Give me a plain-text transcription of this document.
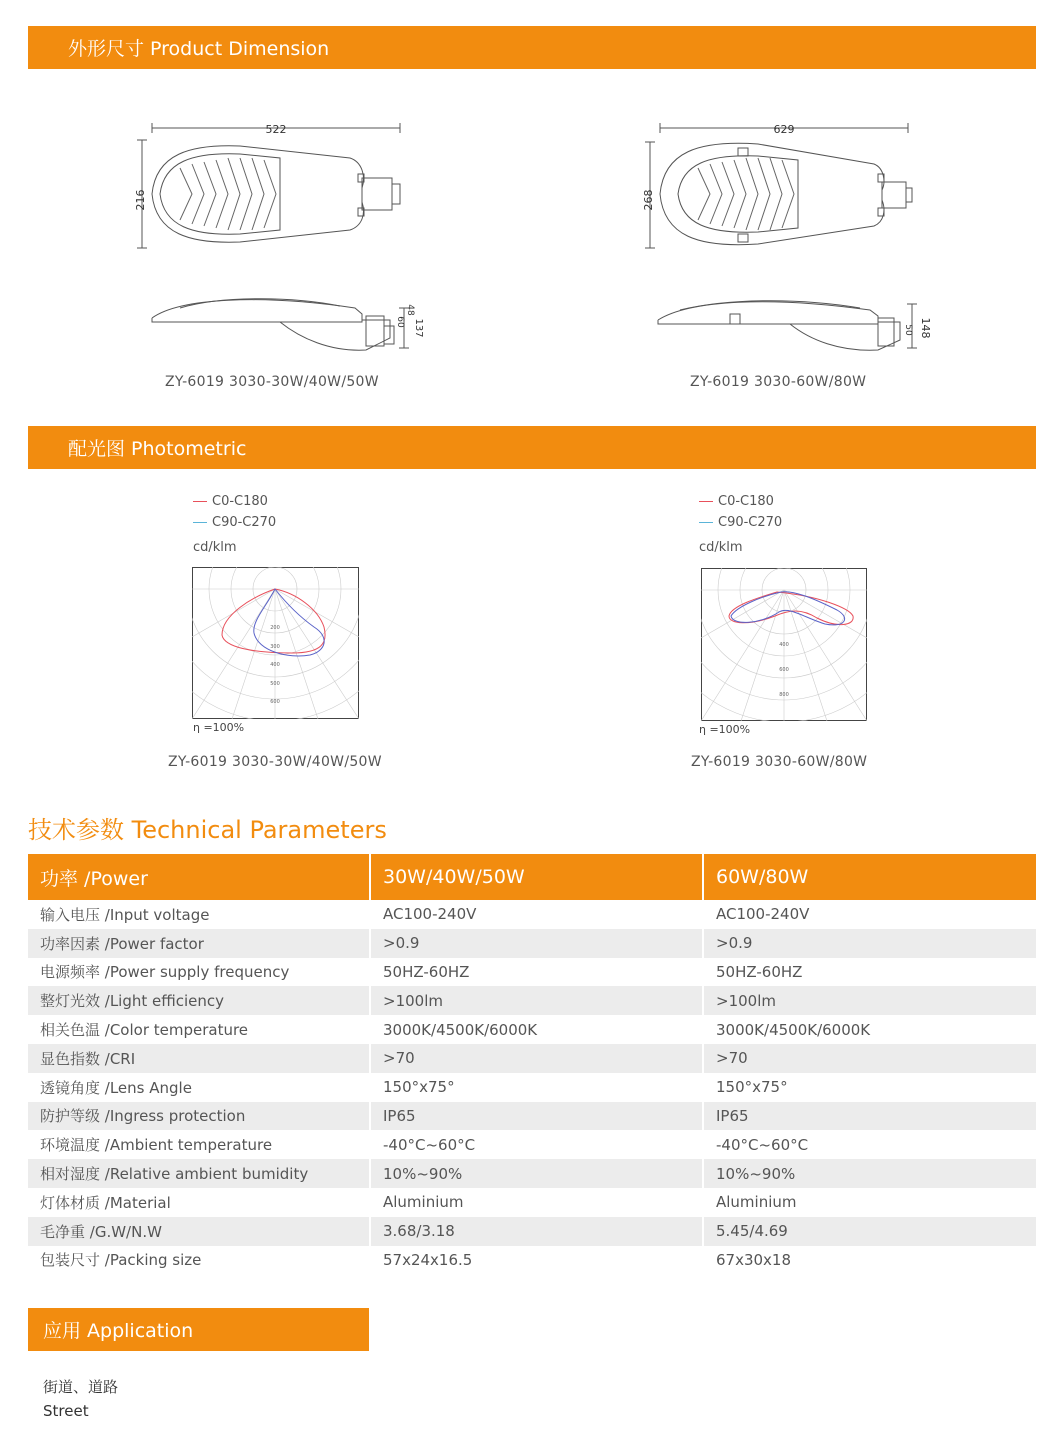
外形尺寸 Product Dimension
522
216
137
60
48
ZY-6019 3030-30W/40W/50W
629
268
148
50
ZY-6019 3030-60W/80W
配光图 Photometric
C0-C180
C90-C270
cd/klm
200
300
400
500
600
η =100%
ZY-6019 3030-30W/40W/50W
C0-C180
C90-C270
cd/klm
400
600
800
η =100%
ZY-6019 3030-60W/80W
技术参数 Technical Parameters
功率 /Power	30W/40W/50W	60W/80W
输入电压 /Input voltage	AC100-240V	AC100-240V
功率因素 /Power factor	>0.9	>0.9
电源频率 /Power supply frequency	50HZ-60HZ	50HZ-60HZ
整灯光效 /Light efficiency	>100lm	>100lm
相关色温 /Color temperature	3000K/4500K/6000K	3000K/4500K/6000K
显色指数 /CRI	>70	>70
透镜角度 /Lens Angle	150°x75°	150°x75°
防护等级 /Ingress protection	IP65	IP65
环境温度 /Ambient temperature	-40°C~60°C	-40°C~60°C
相对湿度 /Relative ambient bumidity	10%~90%	10%~90%
灯体材质 /Material	Aluminium	Aluminium
毛净重 /G.W/N.W	3.68/3.18	5.45/4.69
包装尺寸 /Packing size	57x24x16.5	67x30x18
应用 Application
街道、道路
Street
